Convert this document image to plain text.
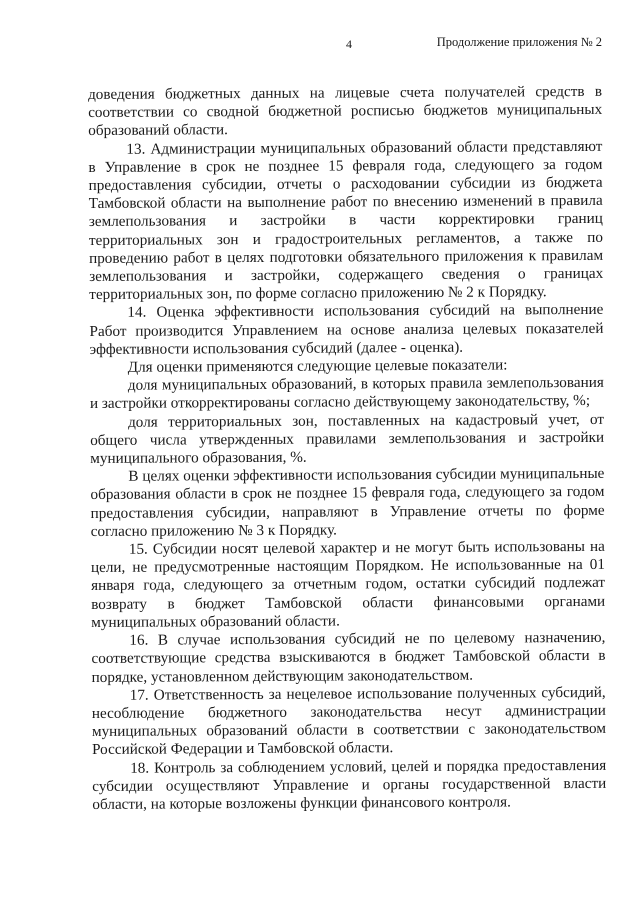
4	Продолжение приложения № 2

доведения бюджетных данных на лицевые счета получателей средств в соответствии со сводной бюджетной росписью бюджетов муниципальных образований области.

13. Администрации муниципальных образований области представляют в Управление в срок не позднее 15 февраля года, следующего за годом предоставления субсидии, отчеты о расходовании субсидии из бюджета Тамбовской области на выполнение работ по внесению изменений в правила землепользования и застройки в части корректировки границ территориальных зон и градостроительных регламентов, а также по проведению работ в целях подготовки обязательного приложения к правилам землепользования и застройки, содержащего сведения о границах территориальных зон, по форме согласно приложению № 2 к Порядку.

14. Оценка эффективности использования субсидий на выполнение Работ производится Управлением на основе анализа целевых показателей эффективности использования субсидий (далее - оценка).

Для оценки применяются следующие целевые показатели:

доля муниципальных образований, в которых правила землепользования и застройки откорректированы согласно действующему законодательству, %;

доля территориальных зон, поставленных на кадастровый учет, от общего числа утвержденных правилами землепользования и застройки муниципального образования, %.

В целях оценки эффективности использования субсидии муниципальные образования области в срок не позднее 15 февраля года, следующего за годом предоставления субсидии, направляют в Управление отчеты по форме согласно приложению № 3 к Порядку.

15. Субсидии носят целевой характер и не могут быть использованы на цели, не предусмотренные настоящим Порядком. Не использованные на 01 января года, следующего за отчетным годом, остатки субсидий подлежат возврату в бюджет Тамбовской области финансовыми органами муниципальных образований области.

16. В случае использования субсидий не по целевому назначению, соответствующие средства взыскиваются в бюджет Тамбовской области в порядке, установленном действующим законодательством.

17. Ответственность за нецелевое использование полученных субсидий, несоблюдение бюджетного законодательства несут администрации муниципальных образований области в соответствии с законодательством Российской Федерации и Тамбовской области.

18. Контроль за соблюдением условий, целей и порядка предоставления субсидии осуществляют Управление и органы государственной власти области, на которые возложены функции финансового контроля.
